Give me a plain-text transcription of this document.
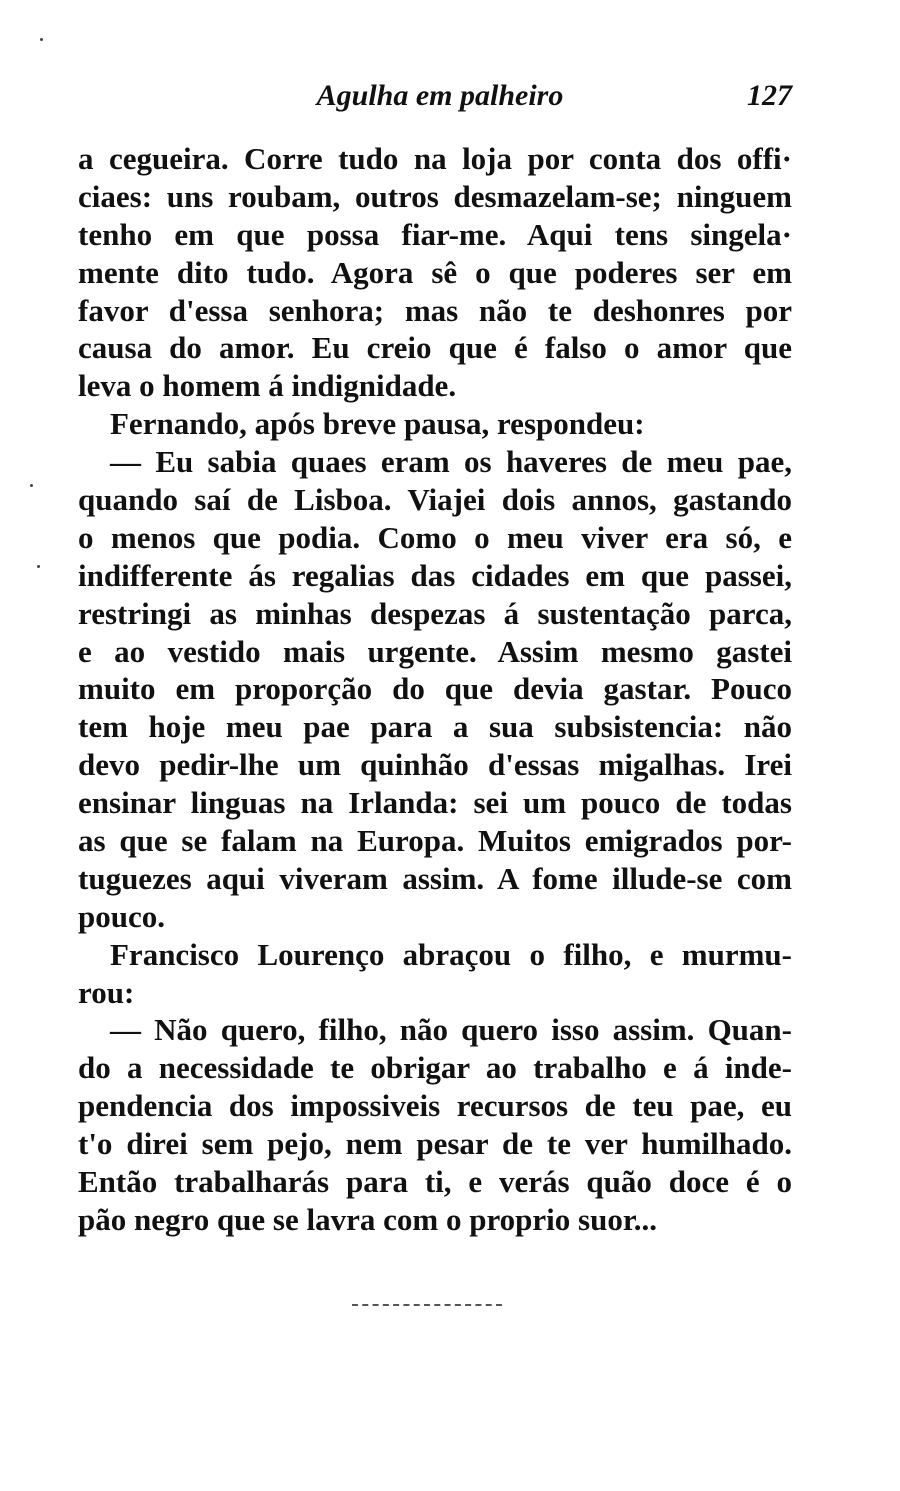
Agulha em palheiro	127
a cegueira. Corre tudo na loja por conta dos offi·
ciaes: uns roubam, outros desmazelam-se; ninguem
tenho em que possa fiar-me. Aqui tens singela·
mente dito tudo. Agora sê o que poderes ser em
favor d'essa senhora; mas não te deshonres por
causa do amor. Eu creio que é falso o amor que
leva o homem á indignidade.
Fernando, após breve pausa, respondeu:
— Eu sabia quaes eram os haveres de meu pae,
quando saí de Lisboa. Viajei dois annos, gastando
o menos que podia. Como o meu viver era só, e
indifferente ás regalias das cidades em que passei,
restringi as minhas despezas á sustentação parca,
e ao vestido mais urgente. Assim mesmo gastei
muito em proporção do que devia gastar. Pouco
tem hoje meu pae para a sua subsistencia: não
devo pedir-lhe um quinhão d'essas migalhas. Irei
ensinar linguas na Irlanda: sei um pouco de todas
as que se falam na Europa. Muitos emigrados por-
tuguezes aqui viveram assim. A fome illude-se com
pouco.
Francisco Lourenço abraçou o filho, e murmu-
rou:
— Não quero, filho, não quero isso assim. Quan-
do a necessidade te obrigar ao trabalho e á inde-
pendencia dos impossiveis recursos de teu pae, eu
t'o direi sem pejo, nem pesar de te ver humilhado.
Então trabalharás para ti, e verás quão doce é o
pão negro que se lavra com o proprio suor...
